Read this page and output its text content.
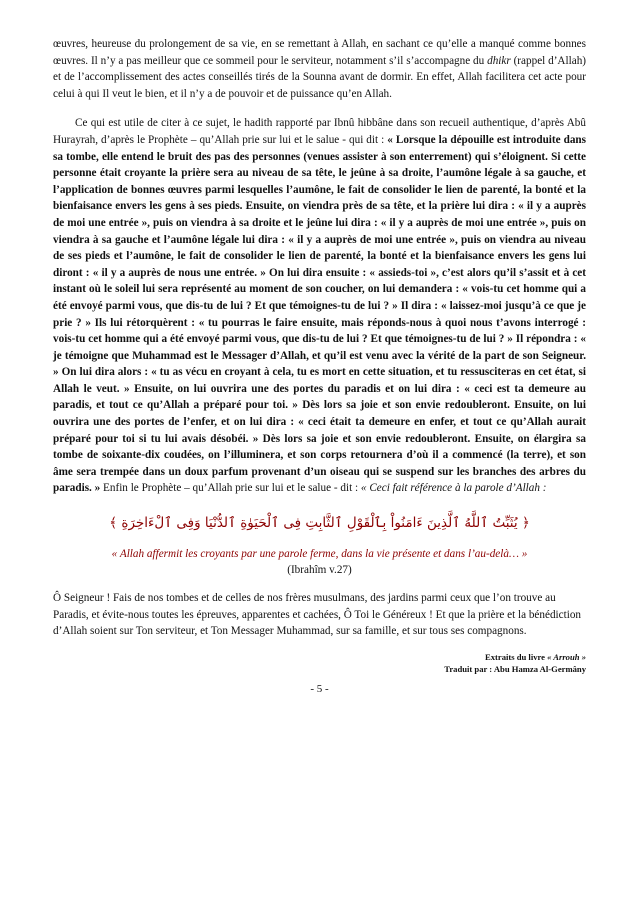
œuvres, heureuse du prolongement de sa vie, en se remettant à Allah, en sachant ce qu’elle a manqué comme bonnes œuvres. Il n’y a pas meilleur que ce sommeil pour le serviteur, notamment s’il s’accompagne du dhikr (rappel d’Allah) et de l’accomplissement des actes conseillés tirés de la Sounna avant de dormir. En effet, Allah facilitera cet acte pour celui à qui Il veut le bien, et il n’y a de pouvoir et de puissance qu’en Allah.

Ce qui est utile de citer à ce sujet, le hadith rapporté par Ibnû hibbâne dans son recueil authentique, d’après Abû Hurayrah, d’après le Prophète – qu’Allah prie sur lui et le salue - qui dit : « Lorsque la dépouille est introduite dans sa tombe, elle entend le bruit des pas des personnes (venues assister à son enterrement) qui s’éloignent. Si cette personne était croyante la prière sera au niveau de sa tête, le jeûne à sa droite, l’aumône légale à sa gauche, et l’application de bonnes œuvres parmi lesquelles l’aumône, le fait de consolider le lien de parenté, la bonté et la bienfaisance envers les gens à ses pieds. Ensuite, on viendra près de sa tête, et la prière lui dira : « il y a auprès de moi une entrée », puis on viendra à sa droite et le jeûne lui dira : « il y a auprès de moi une entrée », puis on viendra à sa gauche et l’aumône légale lui dira : « il y a auprès de moi une entrée », puis on viendra au niveau de ses pieds et l’aumône, le fait de consolider le lien de parenté, la bonté et la bienfaisance envers les gens lui diront : « il y a auprès de nous une entrée. » On lui dira ensuite : « assieds-toi », c’est alors qu’il s’assit et à cet instant où le soleil lui sera représenté au moment de son coucher, on lui demandera : « vois-tu cet homme qui a été envoyé parmi vous, que dis-tu de lui ? Et que témoignes-tu de lui ? » Il dira : « laissez-moi jusqu’à ce que je prie ? » Ils lui rétorquèrent : « tu pourras le faire ensuite, mais réponds-nous à quoi nous t’avons interrogé : vois-tu cet homme qui a été envoyé parmi vous, que dis-tu de lui ? Et que témoignes-tu de lui ? » Il répondra : « je témoigne que Muhammad est le Messager d’Allah, et qu’il est venu avec la vérité de la part de son Seigneur. » On lui dira alors : « tu as vécu en croyant à cela, tu es mort en cette situation, et tu ressusciteras en cet état, si Allah le veut. » Ensuite, on lui ouvrira une des portes du paradis et on lui dira : « ceci est ta demeure au paradis, et tout ce qu’Allah a préparé pour toi. » Dès lors sa joie et son envie redoubleront. Ensuite, on lui ouvrira une des portes de l’enfer, et on lui dira : « ceci était ta demeure en enfer, et tout ce qu’Allah aurait préparé pour toi si tu lui avais désobéi. » Dès lors sa joie et son envie redoubleront. Ensuite, on élargira sa tombe de soixante-dix coudées, on l’illuminera, et son corps retournera d’où il a commencé (la terre), et son âme sera trempée dans un doux parfum provenant d’un oiseau qui se suspend sur les branches des arbres du paradis. » Enfin le Prophète – qu’Allah prie sur lui et le salue - dit : « Ceci fait référence à la parole d’Allah :

﴿ يُثَبِّتُ ٱللَّهُ ٱلَّذِينَ ءَامَنُواْ بِٱلْقَوْلِ ٱلثَّابِتِ فِى ٱلْحَيَوٰةِ ٱلدُّنْيَا وَفِى ٱلْءَاخِرَةِ ﴾
« Allah affermit les croyants par une parole ferme, dans la vie présente et dans l’au-delà… »
(Ibrahîm v.27)

Ô Seigneur ! Fais de nos tombes et de celles de nos frères musulmans, des jardins parmi ceux que l’on trouve au Paradis, et évite-nous toutes les épreuves, apparentes et cachées, Ô Toi le Généreux ! Et que la prière et la bénédiction d’Allah soient sur Ton serviteur, et Ton Messager Muhammad, sur sa famille, et sur tous ses compagnons.

Extraits du livre « Arrouh »
Traduit par : Abu Hamza Al-Germâny
- 5 -
